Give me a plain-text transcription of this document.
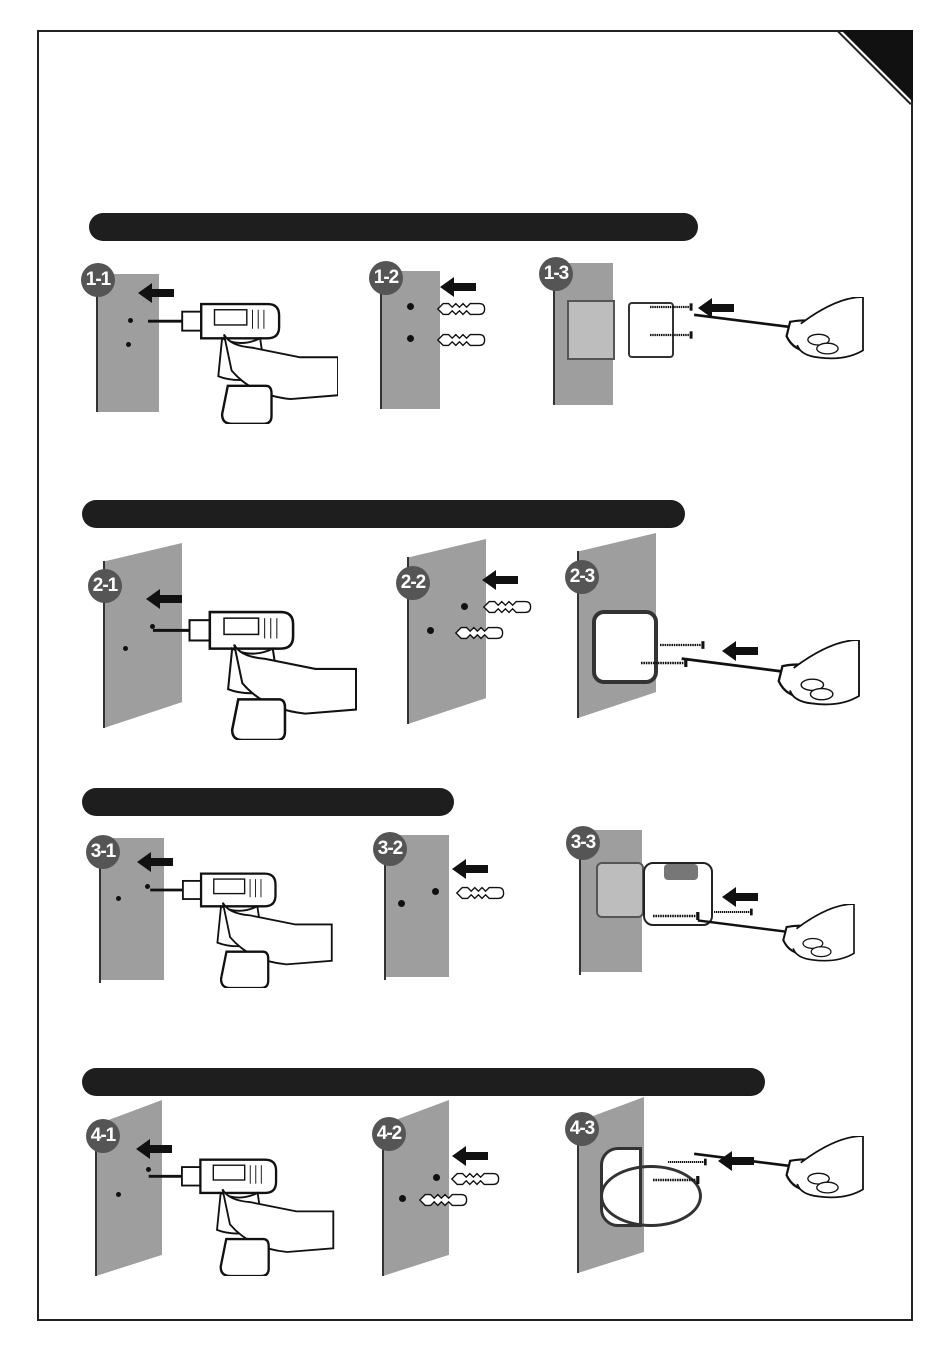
1-1	1-2	1-3
2-1	2-2	2-3
3-1	3-2	3-3
4-1	4-2	4-3
